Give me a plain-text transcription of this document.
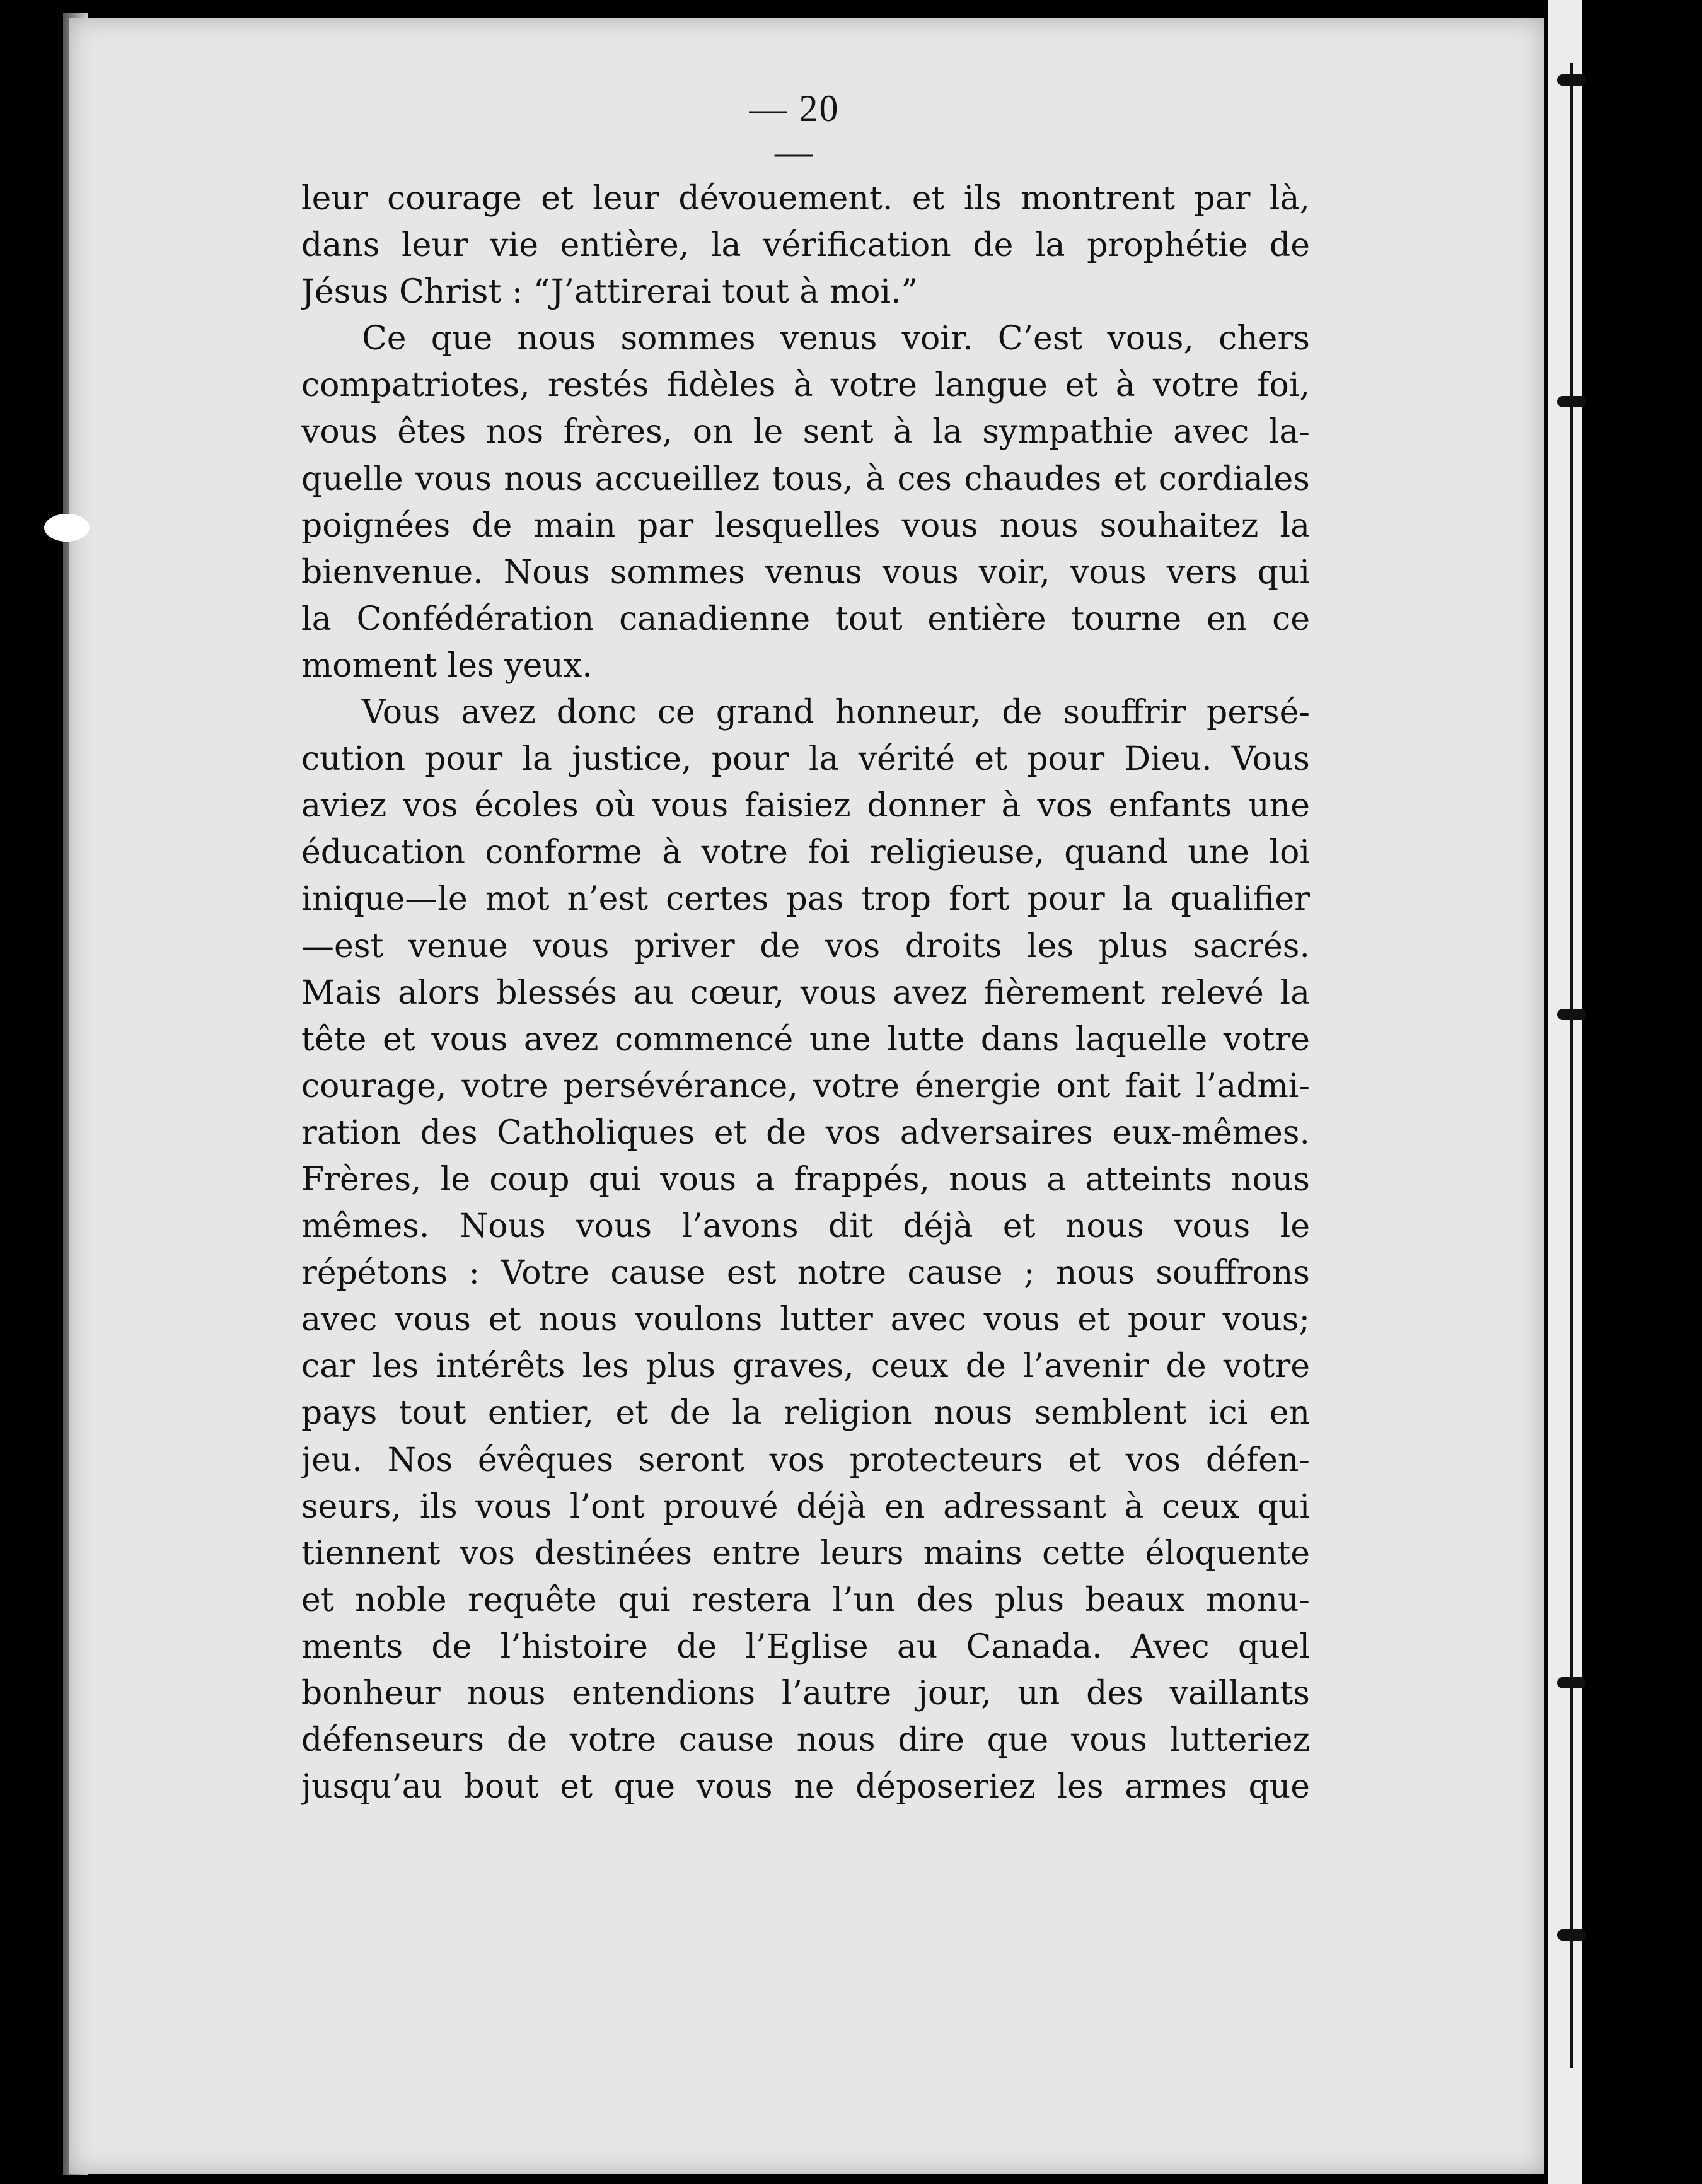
— 20 —
leur courage et leur dévouement. et ils montrent par là,
dans leur vie entière, la vérification de la prophétie de
Jésus Christ : “J’attirerai tout à moi.”
Ce que nous sommes venus voir. C’est vous, chers
compatriotes, restés fidèles à votre langue et à votre foi,
vous êtes nos frères, on le sent à la sympathie avec la-
quelle vous nous accueillez tous, à ces chaudes et cordiales
poignées de main par lesquelles vous nous souhaitez la
bienvenue. Nous sommes venus vous voir, vous vers qui
la Confédération canadienne tout entière tourne en ce
moment les yeux.
Vous avez donc ce grand honneur, de souffrir persé-
cution pour la justice, pour la vérité et pour Dieu. Vous
aviez vos écoles où vous faisiez donner à vos enfants une
éducation conforme à votre foi religieuse, quand une loi
inique—le mot n’est certes pas trop fort pour la qualifier
—est venue vous priver de vos droits les plus sacrés.
Mais alors blessés au cœur, vous avez fièrement relevé la
tête et vous avez commencé une lutte dans laquelle votre
courage, votre persévérance, votre énergie ont fait l’admi-
ration des Catholiques et de vos adversaires eux-mêmes.
Frères, le coup qui vous a frappés, nous a atteints nous
mêmes. Nous vous l’avons dit déjà et nous vous le
répétons : Votre cause est notre cause ; nous souffrons
avec vous et nous voulons lutter avec vous et pour vous;
car les intérêts les plus graves, ceux de l’avenir de votre
pays tout entier, et de la religion nous semblent ici en
jeu. Nos évêques seront vos protecteurs et vos défen-
seurs, ils vous l’ont prouvé déjà en adressant à ceux qui
tiennent vos destinées entre leurs mains cette éloquente
et noble requête qui restera l’un des plus beaux monu-
ments de l’histoire de l’Eglise au Canada. Avec quel
bonheur nous entendions l’autre jour, un des vaillants
défenseurs de votre cause nous dire que vous lutteriez
jusqu’au bout et que vous ne déposeriez les armes que
